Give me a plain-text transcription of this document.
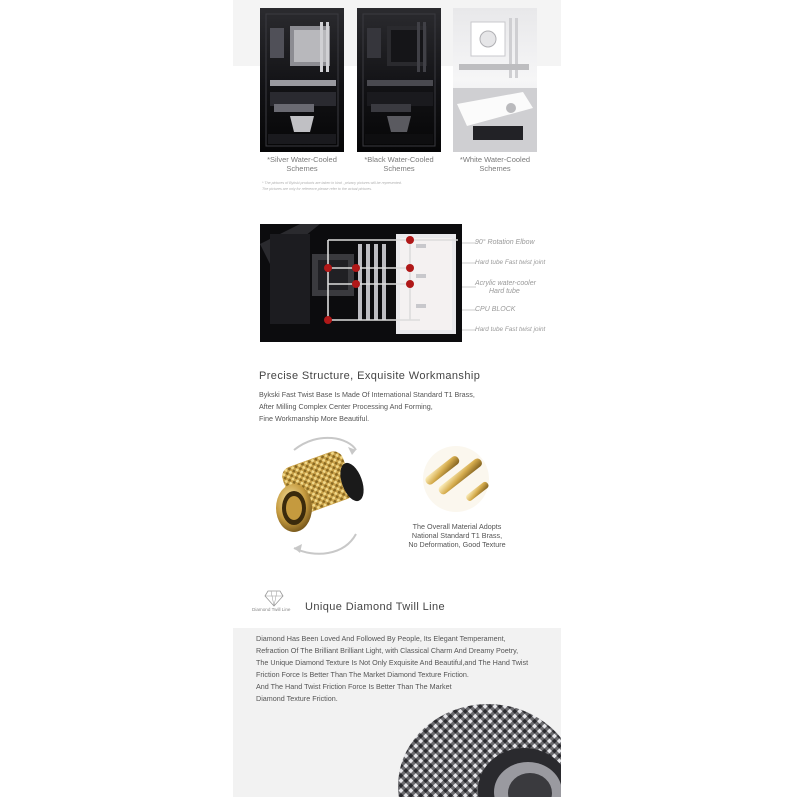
*Silver Water-Cooled
Schemes
*Black Water-Cooled
Schemes
*White Water-Cooled
Schemes
* The pictures of Bykski products are taken in kind , privacy pictures will be represented.
The pictures are only for reference,please refer to the actual pictures.
90° Rotation Elbow
Hard tube Fast twist joint
Acrylic water-cooler
Hard tube
CPU BLOCK
Hard tube Fast twist joint
Precise Structure, Exquisite Workmanship
Bykski Fast Twist Base Is Made Of International Standard T1 Brass,
After Milling Complex Center Processing And Forming,
Fine Workmanship More Beautiful.
The Overall Material Adopts
National Standard T1 Brass,
No Deformation, Good Texture
Diamond Twill Line Unique Diamond Twill Line
Diamond Has Been Loved And Followed By People, Its Elegant Temperament,
Refraction Of The Brilliant Brilliant Light, with Classical Charm And Dreamy Poetry,
The Unique Diamond Texture Is Not Only Exquisite And Beautiful,and The Hand Twist
Friction Force Is Better Than The Market Diamond Texture Friction.
And The Hand Twist Friction Force Is Better Than The Market
Diamond Texture Friction.
